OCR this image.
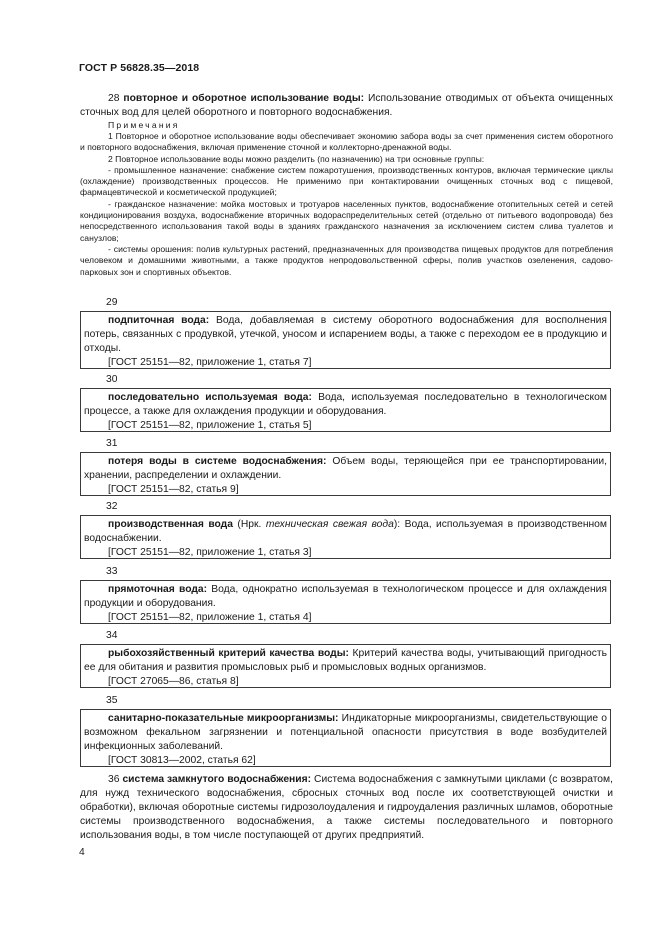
ГОСТ Р 56828.35—2018
28 повторное и оборотное использование воды: Использование отводимых от объекта очищенных сточных вод для целей оборотного и повторного водоснабжения.
Примечания

1 Повторное и оборотное использование воды обеспечивает экономию забора воды за счет применения систем оборотного и повторного водоснабжения, включая применение сточной и коллекторно-дренажной воды.

2 Повторное использование воды можно разделить (по назначению) на три основные группы:

- промышленное назначение: снабжение систем пожаротушения, производственных контуров, включая термические циклы (охлаждение) производственных процессов. Не применимо при контактировании очищенных сточных вод с пищевой, фармацевтической и косметической продукцией;

- гражданское назначение: мойка мостовых и тротуаров населенных пунктов, водоснабжение отопительных сетей и сетей кондиционирования воздуха, водоснабжение вторичных водораспределительных сетей (отдельно от питьевого водопровода) без непосредственного использования такой воды в зданиях гражданского назначения за исключением систем слива туалетов и санузлов;

- системы орошения: полив культурных растений, предназначенных для производства пищевых продуктов для потребления человеком и домашними животными, а также продуктов непродовольственной сферы, полив участков озеленения, садово-парковых зон и спортивных объектов.

29
подпиточная вода: Вода, добавляемая в систему оборотного водоснабжения для восполнения потерь, связанных с продувкой, утечкой, уносом и испарением воды, а также с переходом ее в продукцию и отходы.
[ГОСТ 25151—82, приложение 1, статья 7]
30
последовательно используемая вода: Вода, используемая последовательно в технологическом процессе, а также для охлаждения продукции и оборудования.
[ГОСТ 25151—82, приложение 1, статья 5]
31
потеря воды в системе водоснабжения: Объем воды, теряющейся при ее транспортировании, хранении, распределении и охлаждении.
[ГОСТ 25151—82, статья 9]
32
производственная вода (Нрк. техническая свежая вода): Вода, используемая в производственном водоснабжении.
[ГОСТ 25151—82, приложение 1, статья 3]
33
прямоточная вода: Вода, однократно используемая в технологическом процессе и для охлаждения продукции и оборудования.
[ГОСТ 25151—82, приложение 1, статья 4]
34
рыбохозяйственный критерий качества воды: Критерий качества воды, учитывающий пригодность ее для обитания и развития промысловых рыб и промысловых водных организмов.
[ГОСТ 27065—86, статья 8]
35
санитарно-показательные микроорганизмы: Индикаторные микроорганизмы, свидетельствующие о возможном фекальном загрязнении и потенциальной опасности присутствия в воде возбудителей инфекционных заболеваний.
[ГОСТ 30813—2002, статья 62]
36 система замкнутого водоснабжения: Система водоснабжения с замкнутыми циклами (с возвратом, для нужд технического водоснабжения, сбросных сточных вод после их соответствующей очистки и обработки), включая оборотные системы гидрозолоудаления и гидроудаления различных шламов, оборотные системы производственного водоснабжения, а также системы последовательного и повторного использования воды, в том числе поступающей от других предприятий.
4
